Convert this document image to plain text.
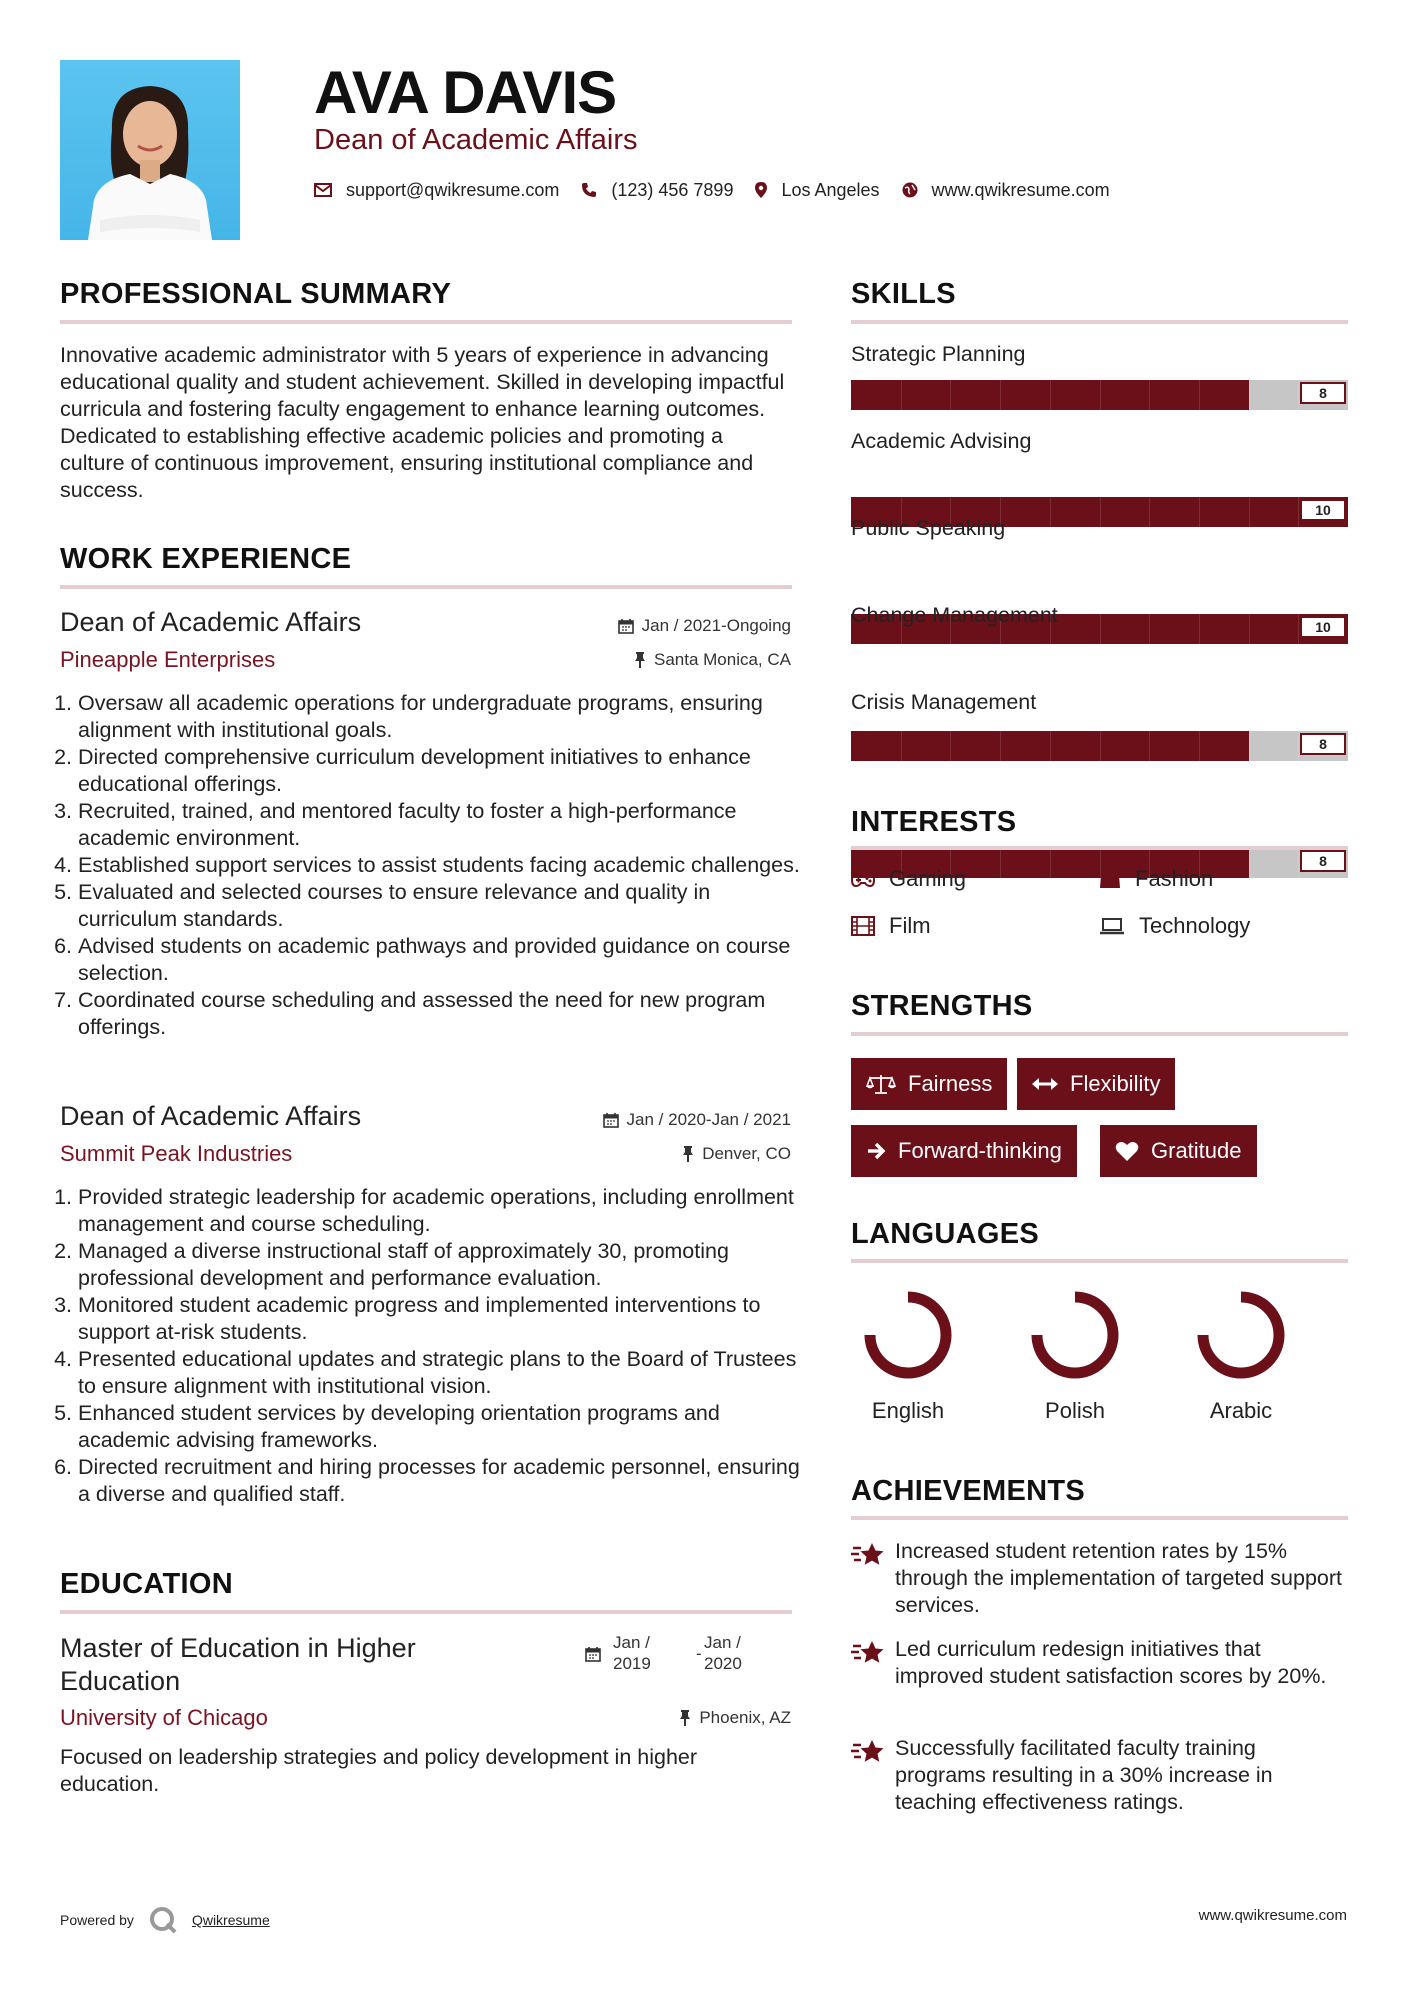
AVA DAVIS
Dean of Academic Affairs
support@qwikresume.com	(123) 456 7899	Los Angeles	www.qwikresume.com
PROFESSIONAL SUMMARY
Innovative academic administrator with 5 years of experience in advancing educational quality and student achievement. Skilled in developing impactful curricula and fostering faculty engagement to enhance learning outcomes. Dedicated to establishing effective academic policies and promoting a culture of continuous improvement, ensuring institutional compliance and success.
WORK EXPERIENCE
Dean of Academic Affairs
Pineapple Enterprises
Jan / 2021-Ongoing
Santa Monica, CA
1. Oversaw all academic operations for undergraduate programs, ensuring alignment with institutional goals.
2. Directed comprehensive curriculum development initiatives to enhance educational offerings.
3. Recruited, trained, and mentored faculty to foster a high-performance academic environment.
4. Established support services to assist students facing academic challenges.
5. Evaluated and selected courses to ensure relevance and quality in curriculum standards.
6. Advised students on academic pathways and provided guidance on course selection.
7. Coordinated course scheduling and assessed the need for new program offerings.
Dean of Academic Affairs
Summit Peak Industries
Jan / 2020-Jan / 2021
Denver, CO
1. Provided strategic leadership for academic operations, including enrollment management and course scheduling.
2. Managed a diverse instructional staff of approximately 30, promoting professional development and performance evaluation.
3. Monitored student academic progress and implemented interventions to support at-risk students.
4. Presented educational updates and strategic plans to the Board of Trustees to ensure alignment with institutional vision.
5. Enhanced student services by developing orientation programs and academic advising frameworks.
6. Directed recruitment and hiring processes for academic personnel, ensuring a diverse and qualified staff.
EDUCATION
Master of Education in Higher Education
University of Chicago
Jan /
2019
-
Jan /
2020
Phoenix, AZ
Focused on leadership strategies and policy development in higher education.
SKILLS
Strategic Planning
8
Academic Advising
10
Public Speaking
10
Change Management
8
Crisis Management
8
INTERESTS
Gaming	Fashion
Film	Technology
STRENGTHS
Fairness	Flexibility
Forward-thinking	Gratitude
LANGUAGES
English	Polish	Arabic
ACHIEVEMENTS
Increased student retention rates by 15% through the implementation of targeted support services.
Led curriculum redesign initiatives that improved student satisfaction scores by 20%.
Successfully facilitated faculty training programs resulting in a 30% increase in teaching effectiveness ratings.
Powered by	Qwikresume	www.qwikresume.com
